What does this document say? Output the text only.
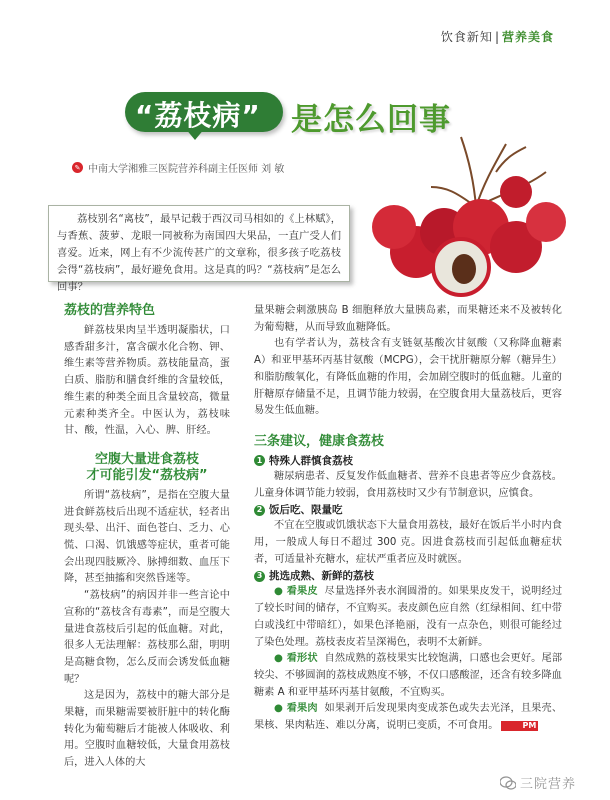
饮食新知 | 营养美食
“荔枝病” 是怎么回事
✎ 中南大学湘雅三医院营养科副主任医师 刘 敏
荔枝别名“离枝”，最早记载于西汉司马相如的《上林赋》，与香蕉、菠萝、龙眼一同被称为南国四大果品，一直广受人们喜爱。近来，网上有不少流传甚广的文章称，很多孩子吃荔枝会得“荔枝病”，最好避免食用。这是真的吗？“荔枝病”是怎么回事？
荔枝的营养特色

鲜荔枝果肉呈半透明凝脂状，口感香甜多汁，富含碳水化合物、钾、维生素等营养物质。荔枝能量高，蛋白质、脂肪和膳食纤维的含量较低，维生素的种类全面且含量较高，微量元素种类齐全。中医认为，荔枝味甘、酸，性温，入心、脾、肝经。

空腹大量进食荔枝
才可能引发“荔枝病”

所谓“荔枝病”，是指在空腹大量进食鲜荔枝后出现不适症状，轻者出现头晕、出汗、面色苍白、乏力、心慌、口渴、饥饿感等症状，重者可能会出现四肢厥冷、脉搏细数、血压下降，甚至抽搐和突然昏迷等。

“荔枝病”的病因并非一些言论中宣称的“荔枝含有毒素”，而是空腹大量进食荔枝后引起的低血糖。对此，很多人无法理解：荔枝那么甜，明明是高糖食物，怎么反而会诱发低血糖呢？

这是因为，荔枝中的糖大部分是果糖，而果糖需要被肝脏中的转化酶转化为葡萄糖后才能被人体吸收、利用。空腹时血糖较低，大量食用荔枝后，进入人体的大

量果糖会刺激胰岛 B 细胞释放大量胰岛素，而果糖还来不及被转化为葡萄糖，从而导致血糖降低。

也有学者认为，荔枝含有支链氨基酸次甘氨酸（又称降血糖素 A）和亚甲基环丙基甘氨酸（MCPG），会干扰肝糖原分解（糖异生）和脂肪酸氧化，有降低血糖的作用，会加剧空腹时的低血糖。儿童的肝糖原存储量不足，且调节能力较弱，在空腹食用大量荔枝后，更容易发生低血糖。

三条建议，健康食荔枝
1 特殊人群慎食荔枝

糖尿病患者、反复发作低血糖者、营养不良患者等应少食荔枝。儿童身体调节能力较弱，食用荔枝时又少有节制意识，应慎食。

2 饭后吃、限量吃

不宜在空腹或饥饿状态下大量食用荔枝，最好在饭后半小时内食用，一般成人每日不超过 300 克。因进食荔枝而引起低血糖症状者，可适量补充糖水，症状严重者应及时就医。

3 挑选成熟、新鲜的荔枝

● 看果皮 尽量选择外表水润圆滑的。如果果皮发干，说明经过了较长时间的储存，不宜购买。表皮颜色应自然（红绿相间、红中带白或浅红中带暗红），如果色泽艳丽，没有一点杂色，则很可能经过了染色处理。荔枝表皮若呈深褐色，表明不太新鲜。

● 看形状 自然成熟的荔枝果实比较饱满，口感也会更好。尾部较尖、不够圆润的荔枝成熟度不够，不仅口感酸涩，还含有较多降血糖素 A 和亚甲基环丙基甘氨酸，不宜购买。

● 看果肉 如果剥开后发现果肉变成茶色或失去光泽，且果壳、果核、果肉粘连、难以分离，说明已变质，不可食用。	PM

三院营养
